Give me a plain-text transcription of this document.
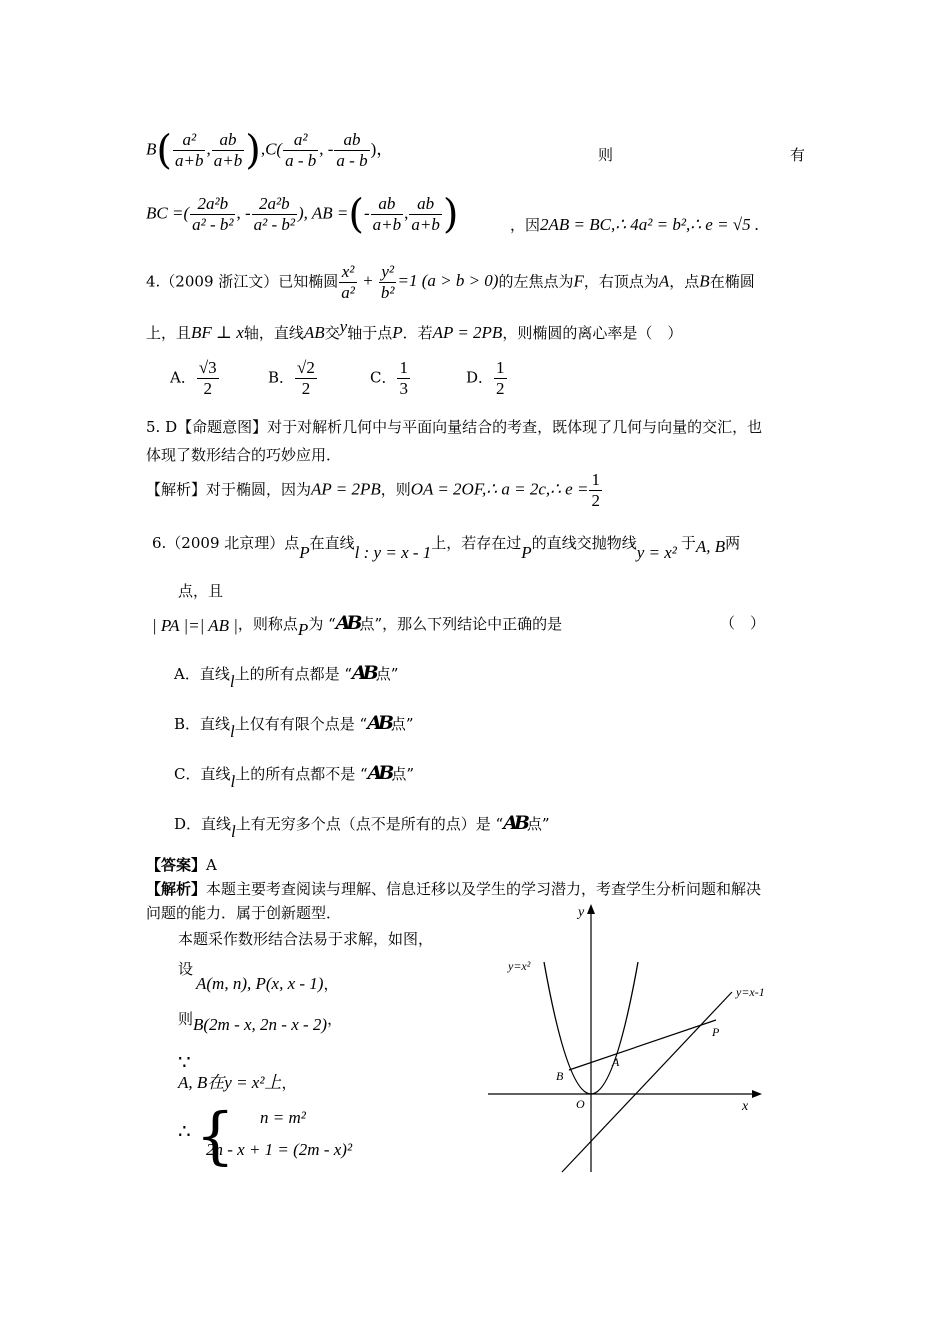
$B( \frac{\text{a²}}{a+b}$ , $\frac{ab}{a+b} ),C( \frac{\text{a²}}{a - b}$ , - $\frac{ab}{a - b}$ )，	则	有
BC =( $\frac{\text{2a²b}}{\text{a² - b²}}$ , - $\frac{\text{2a²b}}{\text{a² - b²}}$ ), AB =(- $\frac{ab}{a+b}$ , $\frac{ab}{a+b}$ )	，因2AB = BC,∴ 4a² = b²,∴ e = √5 .
4.（2009 浙江文）已知椭圆 $\frac{\text{x²}}{\text{a²}} + \frac{\text{y²}}{\text{b²}} =1$ (a > b > 0)的左焦点为F，右顶点为A，点B在椭圆
上，且BF ⊥ x轴，直线AB交y轴于点P．若AP = 2PB，则椭圆的离心率是（　）
A． $\frac{√3}{2}$	B． $\frac{√2}{2}$	C． $\frac{1}{3}$	D． $\frac{1}{2}$
5. D【命题意图】对于对解析几何中与平面向量结合的考查，既体现了几何与向量的交汇，也
体现了数形结合的巧妙应用．
【解析】对于椭圆，因为AP = 2PB，则OA = 2OF,∴ a = 2c,∴ $e = \frac{1}{2}$
6.（2009 北京理）点P在直线l : y = x - 1上，若存在过P的直线交抛物线y = x² 于A, B两
点，且
| PA |=| AB |，则称点P为 “A B点”，那么下列结论中正确的是	（　）
A．直线l上的所有点都是 “A B点”
B．直线l上仅有有限个点是 “A B点”
C．直线l上的所有点都不是 “A B点”
D．直线l上有无穷多个点（点不是所有的点）是 “A B点”
【答案】A
【解析】本题主要考查阅读与理解、信息迁移以及学生的学习潜力，考查学生分析问题和解决
问题的能力．属于创新题型．
本题采作数形结合法易于求解，如图，
设
A(m, n), P(x, x - 1)，
则B(2m - x, 2n - x - 2)，
∵
A, B在y = x²上，
∴ { n = m²
2n - x + 1 = (2m - x)²
y
x
O
y=x²
y=x-1
B
A
P
